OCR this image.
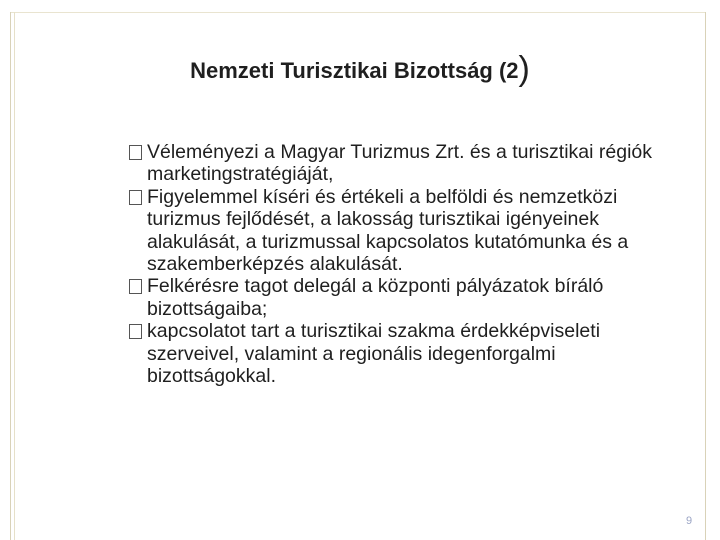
Nemzeti Turisztikai Bizottság (2)
Véleményezi a Magyar Turizmus Zrt. és a turisztikai régiók marketingstratégiáját,
Figyelemmel kíséri és értékeli a belföldi és nemzetközi turizmus fejlődését, a lakosság turisztikai igényeinek alakulását, a turizmussal kapcsolatos kutatómunka és a szakemberképzés alakulását.
Felkérésre tagot delegál a központi pályázatok bíráló bizottságaiba;
kapcsolatot tart a turisztikai szakma érdekképviseleti szerveivel, valamint a regionális idegenforgalmi bizottságokkal.
9
